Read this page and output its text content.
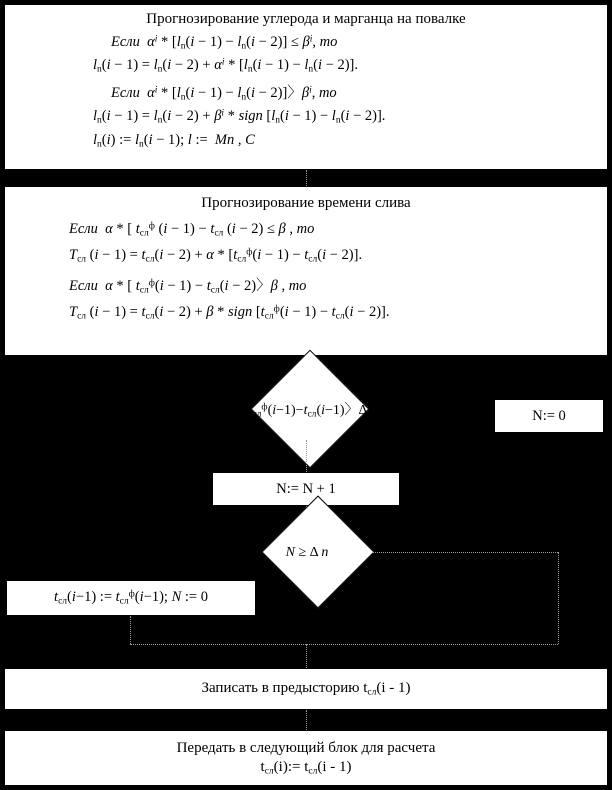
Прогнозирование углерода и марганца на повалке
Если $\alpha^i * [l_n(i - 1) - l_n(i - 2)] \le \beta^i$, то
$l_n(i - 1) = l_n(i - 2) + \alpha^i * [l_n(i - 1) - l_n(i - 2)]$.
Если $\alpha^i * [l_n(i - 1) - l_n(i - 2)]$〉$\beta^i$, то
$l_n(i - 1) = l_n(i - 2) + \beta^i$ * sign $[l_n(i - 1) - l_n(i - 2)]$.
$l_n(i)$ := $l_n(i - 1)$; l :=  Mn , C
Прогнозирование времени слива
Если α * [ $t_{сл}^ф$ $(i - 1) - t_{сл}$ (i − 2) ≤ β , то
$T_{сл}$ $(i - 1) = t_{сл}(i - 2) + \alpha * [t_{сл}^ф(i - 1) - t_{сл}(i - 2)]$.
Если α * [ $t_{сл}^ф(i - 1) - t_{сл}(i - 2)$〉β , то
$T_{сл}$ $(i - 1) = t_{сл}(i - 2) + \beta$ * sign $[t_{сл}^ф(i - 1) - t_{сл}(i - 2)]$.
$t_{сл}^ф(i-1)-t_{сл}(i-1)$〉Δt	N:= 0
N:= N + 1
N ≥ Δ n
$t_{сл}(i-1)$ := $t_{сл}^ф(i-1)$; N := 0
Записать в предысторию $t_{сл}(i - 1)$
Передать в следующий блок для расчета
$t_{сл}(i):= t_{сл}(i - 1)$
